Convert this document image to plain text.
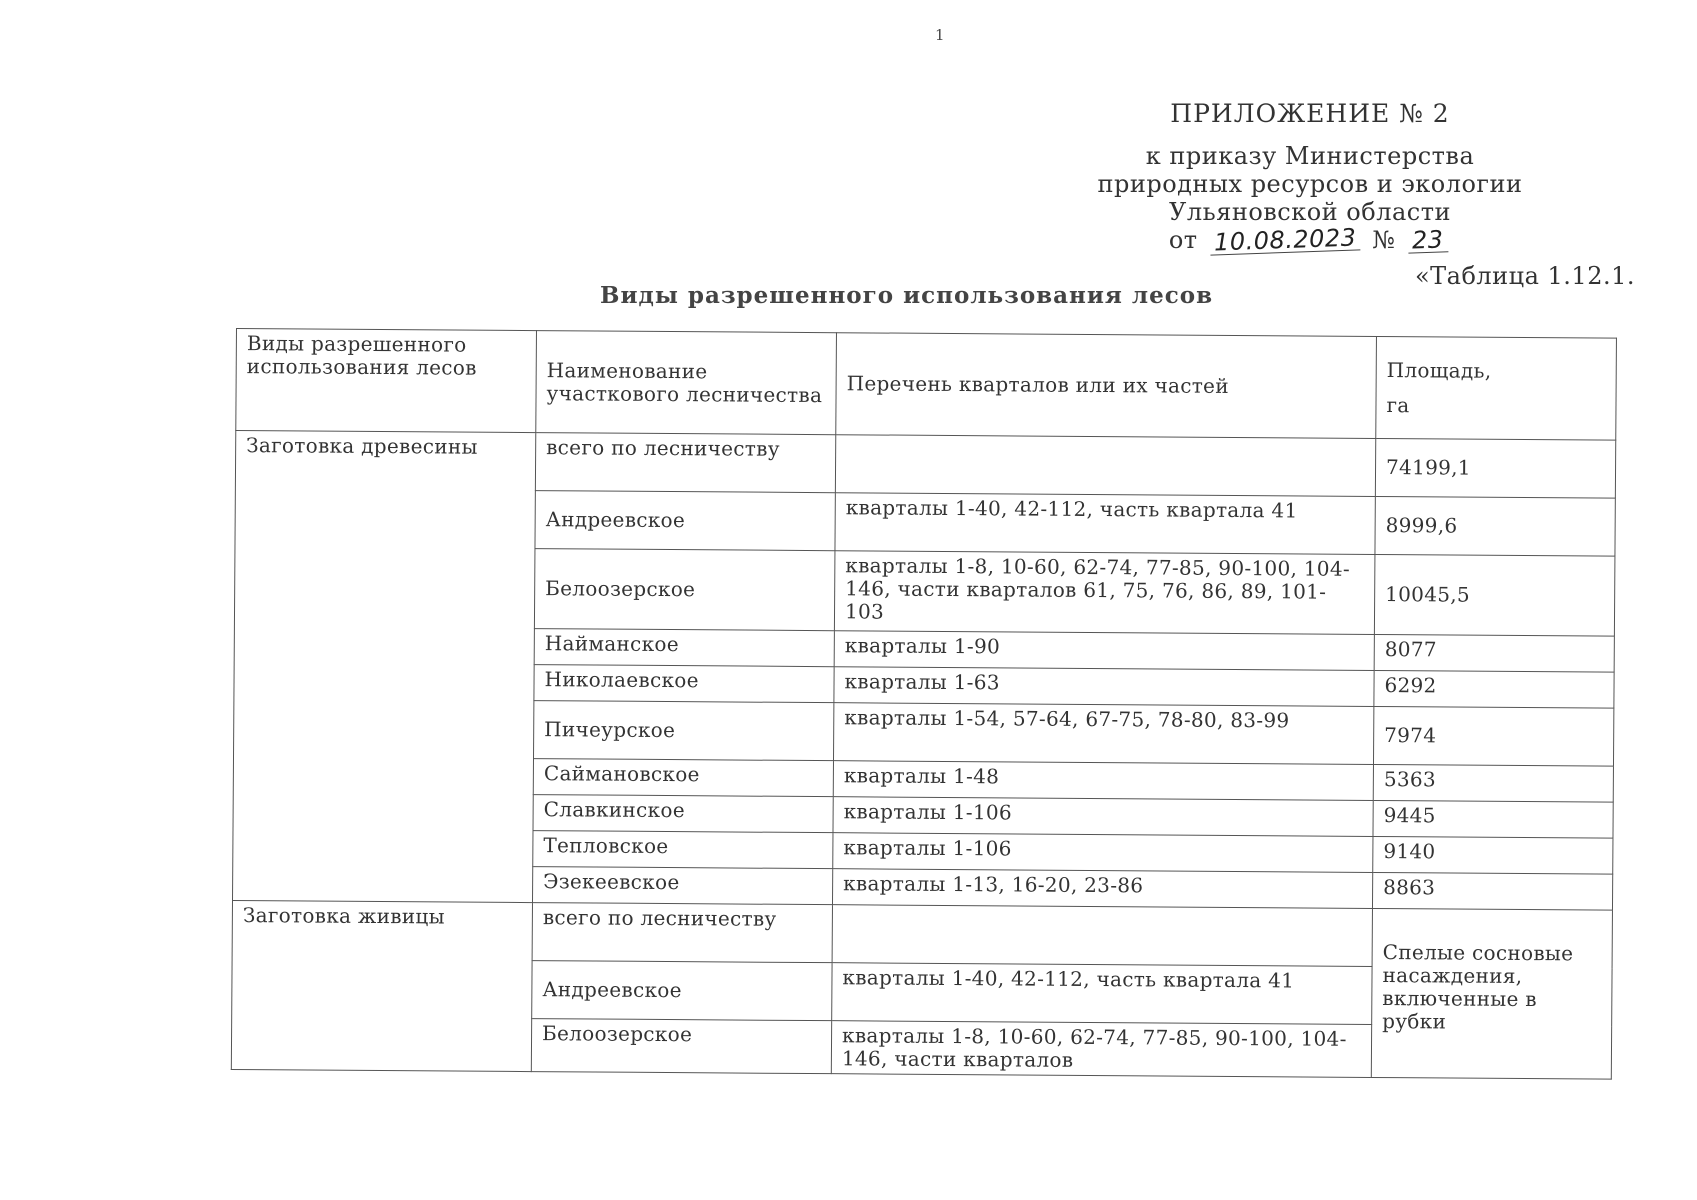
1
ПРИЛОЖЕНИЕ № 2
к приказу Министерства
природных ресурсов и экологии
Ульяновской области
от 10.08.2023 № 23
«Таблица 1.12.1.
Виды разрешенного использования лесов
Виды разрешенного использования лесов	Наименование участкового лесничества	Перечень кварталов или их частей	Площадь,
га

Заготовка древесины	всего по лесничеству		74199,1
	Андреевское	кварталы 1-40, 42-112, часть квартала 41	8999,6
	Белоозерское	кварталы 1-8, 10-60, 62-74, 77-85, 90-100, 104-146, части кварталов 61, 75, 76, 86, 89, 101-103	10045,5
	Найманское	кварталы 1-90	8077
	Николаевское	кварталы 1-63	6292
	Пичеурское	кварталы 1-54, 57-64, 67-75, 78-80, 83-99	7974
	Саймановское	кварталы 1-48	5363
	Славкинское	кварталы 1-106	9445
	Тепловское	кварталы 1-106	9140
	Эзекеевское	кварталы 1-13, 16-20, 23-86	8863
Заготовка живицы	всего по лесничеству		Спелые сосновые насаждения, включенные в рубки
	Андреевское	кварталы 1-40, 42-112, часть квартала 41	
	Белоозерское	кварталы 1-8, 10-60, 62-74, 77-85, 90-100, 104-146, части кварталов	
